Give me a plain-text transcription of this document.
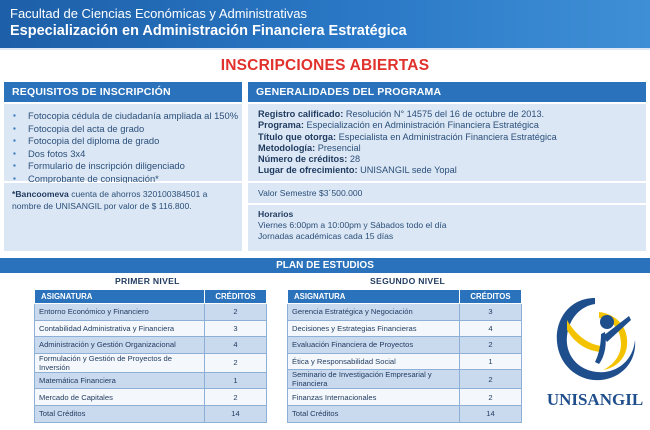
Facultad de Ciencias Económicas y Administrativas
Especialización en Administración Financiera Estratégica
INSCRIPCIONES ABIERTAS
REQUISITOS DE INSCRIPCIÓN
▪ Fotocopia cédula de ciudadanía ampliada al 150%
▪ Fotocopia del acta de grado
▪ Fotocopia del diploma de grado
▪ Dos fotos 3x4
▪ Formulario de inscripción diligenciado
▪ Comprobante de consignación*
*Bancoomeva cuenta de ahorros 320100384501 a nombre de UNISANGIL por valor de $ 116.800.
GENERALIDADES DEL PROGRAMA
Registro calificado: Resolución N° 14575 del 16 de octubre de 2013.
Programa: Especialización en Administración Financiera Estratégica
Título que otorga: Especialista en Administración Financiera Estratégica
Metodología: Presencial
Número de créditos: 28
Lugar de ofrecimiento: UNISANGIL sede Yopal
Valor Semestre $3´500.000
Horarios
Viernes 6:00pm a 10:00pm y Sábados todo el día
Jornadas académicas cada 15 días
PLAN DE ESTUDIOS
PRIMER NIVEL	SEGUNDO NIVEL
ASIGNATURA	CRÉDITOS
Entorno Económico y Financiero	2
Contabilidad Administrativa y Financiera	3
Administración y Gestión Organizacional	4
Formulación y Gestión de Proyectos de Inversión	2
Matemática Financiera	1
Mercado de Capitales	2
Total Créditos	14
ASIGNATURA	CRÉDITOS
Gerencia Estratégica y Negociación	3
Decisiones y Estrategias Financieras	4
Evaluación Financiera de Proyectos	2
Ética y Responsabilidad Social	1
Seminario de Investigación Empresarial y Financiera	2
Finanzas Internacionales	2
Total Créditos	14
UNISANGIL
